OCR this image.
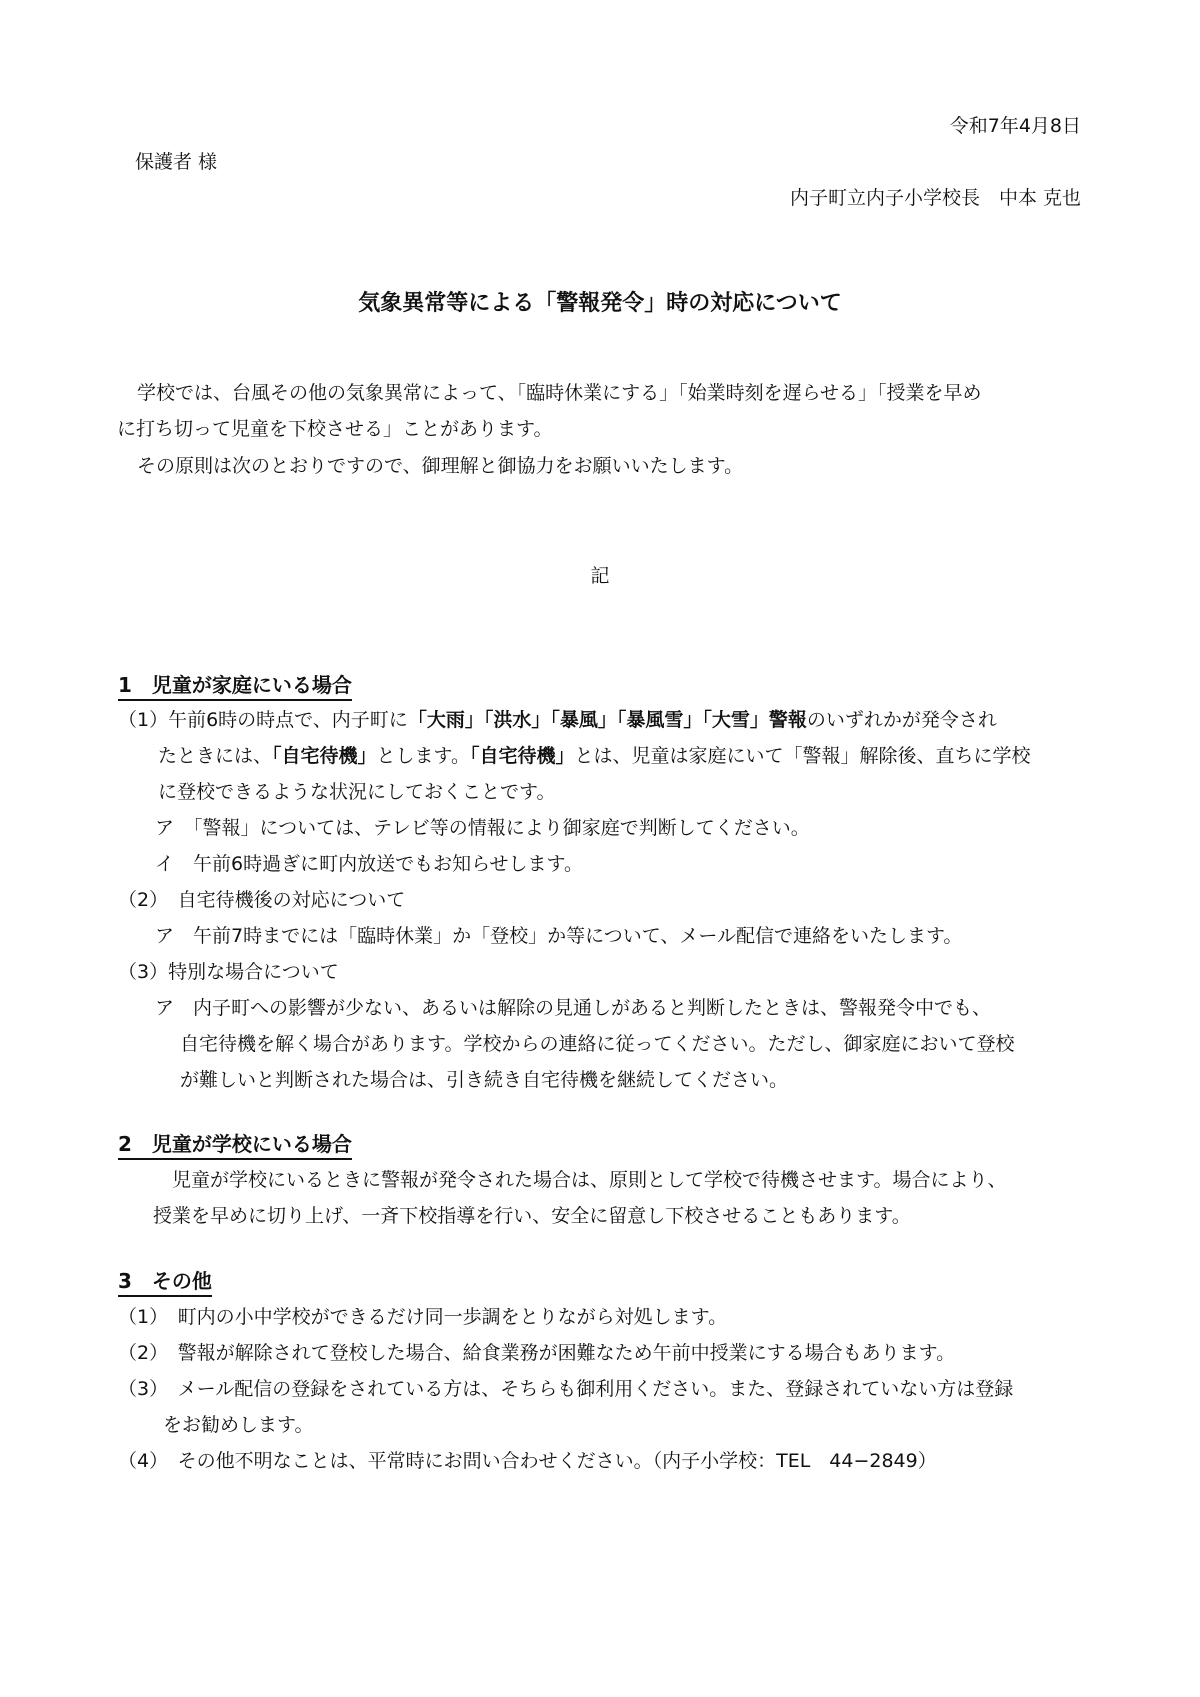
令和7年4月8日
保護者 様
内子町立内子小学校長　中本 克也
気象異常等による「警報発令」時の対応について
学校では、台風その他の気象異常によって、「臨時休業にする」「始業時刻を遅らせる」「授業を早め
に打ち切って児童を下校させる」ことがあります。
その原則は次のとおりですので、御理解と御協力をお願いいたします。
記
1　児童が家庭にいる場合
（1）午前6時の時点で、内子町に「大雨」「洪水」「暴風」「暴風雪」「大雪」警報のいずれかが発令され
たときには、「自宅待機」とします。「自宅待機」とは、児童は家庭にいて「警報」解除後、直ちに学校
に登校できるような状況にしておくことです。
ア　「警報」については、テレビ等の情報により御家庭で判断してください。
イ　午前6時過ぎに町内放送でもお知らせします。
（2）　自宅待機後の対応について
ア　午前7時までには「臨時休業」か「登校」か等について、メール配信で連絡をいたします。
（3）特別な場合について
ア　内子町への影響が少ない、あるいは解除の見通しがあると判断したときは、警報発令中でも、
自宅待機を解く場合があります。学校からの連絡に従ってください。ただし、御家庭において登校
が難しいと判断された場合は、引き続き自宅待機を継続してください。
2　児童が学校にいる場合
児童が学校にいるときに警報が発令された場合は、原則として学校で待機させます。場合により、
授業を早めに切り上げ、一斉下校指導を行い、安全に留意し下校させることもあります。
3　その他
（1）　町内の小中学校ができるだけ同一歩調をとりながら対処します。
（2）　警報が解除されて登校した場合、給食業務が困難なため午前中授業にする場合もあります。
（3）　メール配信の登録をされている方は、そちらも御利用ください。また、登録されていない方は登録
をお勧めします。
（4）　その他不明なことは、平常時にお問い合わせください。（内子小学校：TEL　44−2849）
